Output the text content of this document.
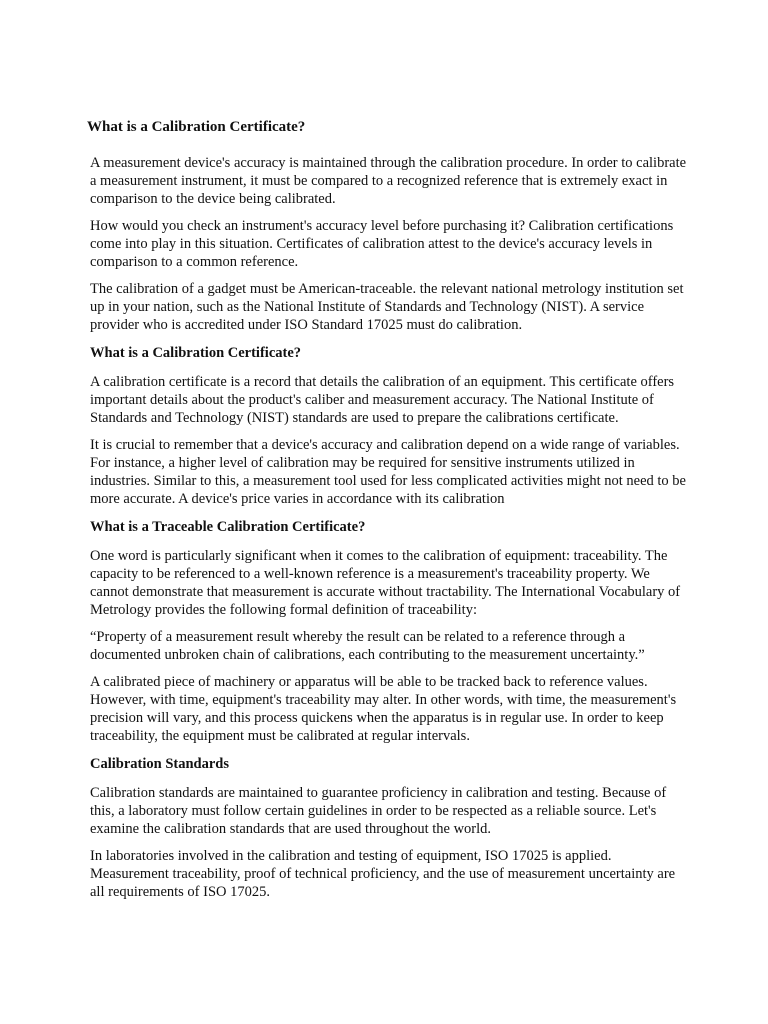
What is a Calibration Certificate?

A measurement device's accuracy is maintained through the calibration procedure. In order to calibrate a measurement instrument, it must be compared to a recognized reference that is extremely exact in comparison to the device being calibrated.

How would you check an instrument's accuracy level before purchasing it? Calibration certifications come into play in this situation. Certificates of calibration attest to the device's accuracy levels in comparison to a common reference.

The calibration of a gadget must be American-traceable. the relevant national metrology institution set up in your nation, such as the National Institute of Standards and Technology (NIST). A service provider who is accredited under ISO Standard 17025 must do calibration.

What is a Calibration Certificate?

A calibration certificate is a record that details the calibration of an equipment. This certificate offers important details about the product's caliber and measurement accuracy. The National Institute of Standards and Technology (NIST) standards are used to prepare the calibrations certificate.

It is crucial to remember that a device's accuracy and calibration depend on a wide range of variables. For instance, a higher level of calibration may be required for sensitive instruments utilized in industries. Similar to this, a measurement tool used for less complicated activities might not need to be more accurate. A device's price varies in accordance with its calibration

What is a Traceable Calibration Certificate?

One word is particularly significant when it comes to the calibration of equipment: traceability. The capacity to be referenced to a well-known reference is a measurement's traceability property. We cannot demonstrate that measurement is accurate without tractability. The International Vocabulary of Metrology provides the following formal definition of traceability:

“Property of a measurement result whereby the result can be related to a reference through a documented unbroken chain of calibrations, each contributing to the measurement uncertainty.”

A calibrated piece of machinery or apparatus will be able to be tracked back to reference values. However, with time, equipment's traceability may alter. In other words, with time, the measurement's precision will vary, and this process quickens when the apparatus is in regular use. In order to keep traceability, the equipment must be calibrated at regular intervals.

Calibration Standards

Calibration standards are maintained to guarantee proficiency in calibration and testing. Because of this, a laboratory must follow certain guidelines in order to be respected as a reliable source. Let's examine the calibration standards that are used throughout the world.

In laboratories involved in the calibration and testing of equipment, ISO 17025 is applied. Measurement traceability, proof of technical proficiency, and the use of measurement uncertainty are all requirements of ISO 17025.
